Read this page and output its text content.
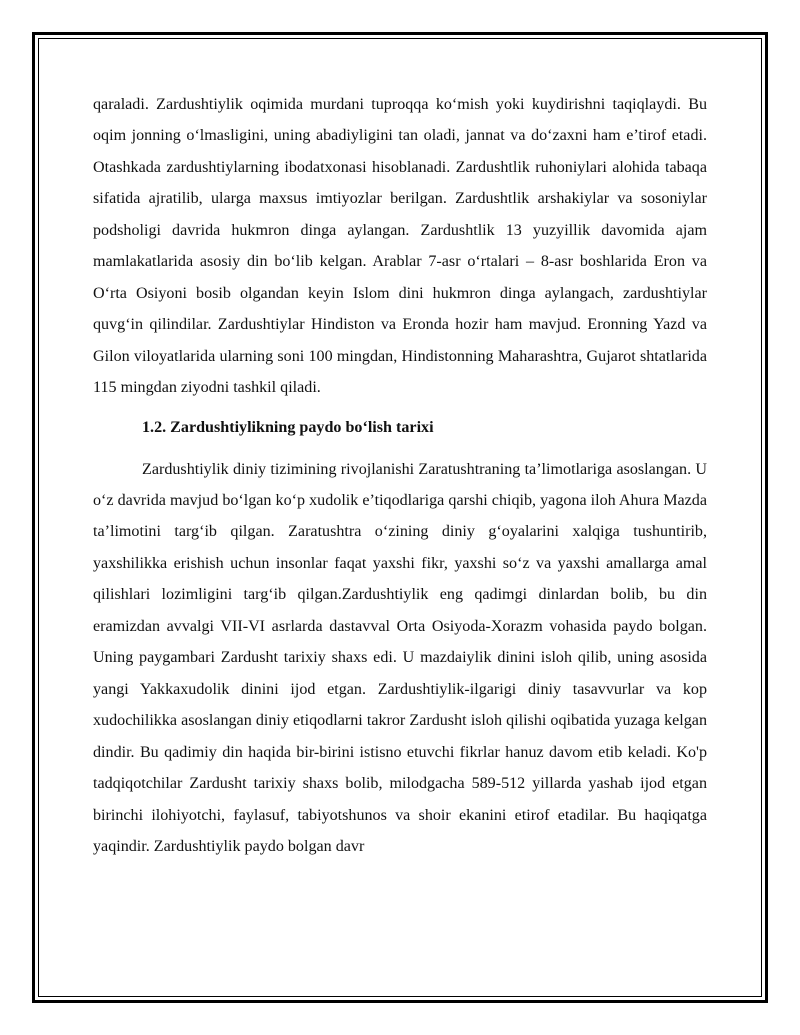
qaraladi. Zardushtiylik oqimida murdani tuproqqa ko‘mish yoki kuydirishni taqiqlaydi. Bu oqim jonning o‘lmasligini, uning abadiyligini tan oladi, jannat va do‘zaxni ham e’tirof etadi. Otashkada zardushtiylarning ibodatxonasi hisoblanadi. Zardushtlik ruhoniylari alohida tabaqa sifatida ajratilib, ularga maxsus imtiyozlar berilgan. Zardushtlik arshakiylar va sosoniylar podsholigi davrida hukmron dinga aylangan. Zardushtlik 13 yuzyillik davomida ajam mamlakatlarida asosiy din bo‘lib kelgan. Arablar 7-asr o‘rtalari – 8-asr boshlarida Eron va O‘rta Osiyoni bosib olgandan keyin Islom dini hukmron dinga aylangach, zardushtiylar quvg‘in qilindilar. Zardushtiylar Hindiston va Eronda hozir ham mavjud. Eronning Yazd va Gilon viloyatlarida ularning soni 100 mingdan, Hindistonning Maharashtra, Gujarot shtatlarida 115 mingdan ziyodni tashkil qiladi.

1.2. Zardushtiylikning paydo bo‘lish tarixi

Zardushtiylik diniy tizimining rivojlanishi Zaratushtraning ta’limotlariga asoslangan. U o‘z davrida mavjud bo‘lgan ko‘p xudolik e’tiqodlariga qarshi chiqib, yagona iloh Ahura Mazda ta’limotini targ‘ib qilgan. Zaratushtra o‘zining diniy g‘oyalarini xalqiga tushuntirib, yaxshilikka erishish uchun insonlar faqat yaxshi fikr, yaxshi so‘z va yaxshi amallarga amal qilishlari lozimligini targ‘ib qilgan.Zardushtiylik eng qadimgi dinlardan bolib, bu din eramizdan avvalgi VII-VI asrlarda dastavval Orta Osiyoda-Xorazm vohasida paydo bolgan. Uning paygambari Zardusht tarixiy shaxs edi. U mazdaiylik dinini isloh qilib, uning asosida yangi Yakkaxudolik dinini ijod etgan. Zardushtiylik-ilgarigi diniy tasavvurlar va kop xudochilikka asoslangan diniy etiqodlarni takror Zardusht isloh qilishi oqibatida yuzaga kelgan dindir. Bu qadimiy din haqida bir-birini istisno etuvchi fikrlar hanuz davom etib keladi. Ko'p tadqiqotchilar Zardusht tarixiy shaxs bolib, milodgacha 589-512 yillarda yashab ijod etgan birinchi ilohiyotchi, faylasuf, tabiyotshunos va shoir ekanini etirof etadilar. Bu haqiqatga yaqindir. Zardushtiylik paydo bolgan davr
